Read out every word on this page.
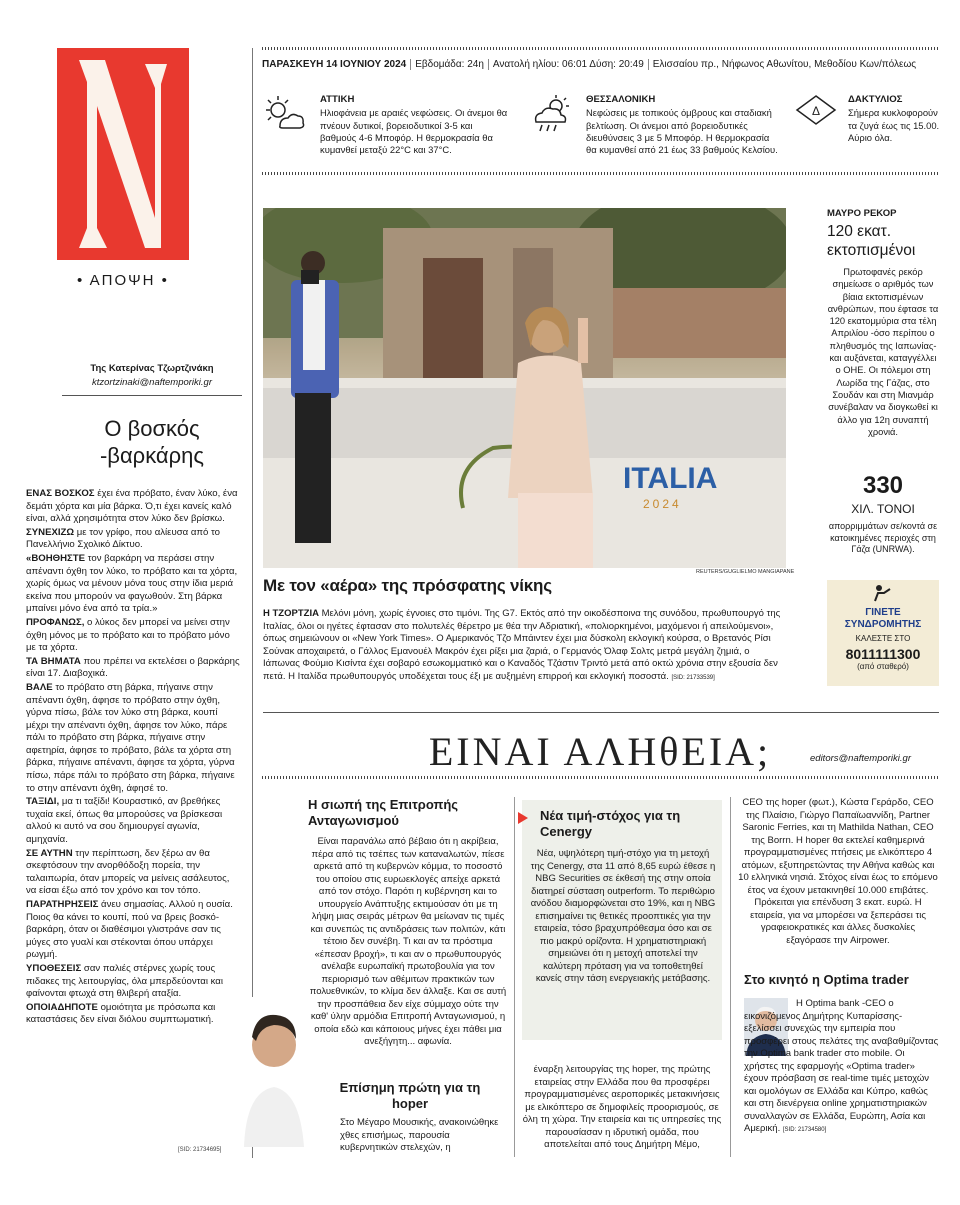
• ΑΠΟΨΗ •
Της Κατερίνας Τζωρτζινάκη
ktzortzinaki@naftemporiki.gr
Ο βοσκός -βαρκάρης

ΕΝΑΣ ΒΟΣΚΟΣ έχει ένα πρόβατο, έναν λύκο, ένα δεμάτι χόρτα και μία βάρκα. Ό,τι έχει κανείς καλό είναι, αλλά χρησιμότητα στον λύκο δεν βρίσκω.

ΣΥΝΕΧΙΖΩ με τον γρίφο, που αλίευσα από το Πανελλήνιο Σχολικό Δίκτυο.

«ΒΟΗΘΗΣΤΕ τον βαρκάρη να περάσει στην απέναντι όχθη τον λύκο, το πρόβατο και τα χόρτα, χωρίς όμως να μένουν μόνα τους στην ίδια μεριά εκείνα που μπορούν να φαγωθούν. Στη βάρκα μπαίνει μόνο ένα από τα τρία.»

ΠΡΟΦΑΝΩΣ, ο λύκος δεν μπορεί να μείνει στην όχθη μόνος με το πρόβατο και το πρόβατο μόνο με τα χόρτα.

ΤΑ ΒΗΜΑΤΑ που πρέπει να εκτελέσει ο βαρκάρης είναι 17. Διαβοχικά.

ΒΑΛΕ το πρόβατο στη βάρκα, πήγαινε στην απέναντι όχθη, άφησε το πρόβατο στην όχθη, γύρνα πίσω, βάλε τον λύκο στη βάρκα, κουπί μέχρι την απέναντι όχθη, άφησε τον λύκο, πάρε πάλι το πρόβατο στη βάρκα, πήγαινε στην αφετηρία, άφησε το πρόβατο, βάλε τα χόρτα στη βάρκα, πήγαινε απέναντι, άφησε τα χόρτα, γύρνα πίσω, πάρε πάλι το πρόβατο στη βάρκα, πήγαινε το στην απέναντι όχθη, άφησέ το.

ΤΑΞΙΔΙ, μα τι ταξίδι! Κουραστικό, αν βρεθήκες τυχαία εκεί, όπως θα μπορούσες να βρίσκεσαι αλλού κι αυτό να σου δημιουργεί αγωνία, αμηχανία.

ΣΕ ΑΥΤΗΝ την περίπτωση, δεν ξέρω αν θα σκεφτόσουν την ανορθόδοξη πορεία, την ταλαιπωρία, όταν μπορείς να μείνεις ασάλευτος, να είσαι έξω από τον χρόνο και τον τόπο.

ΠΑΡΑΤΗΡΗΣΕΙΣ άνευ σημασίας. Αλλού η ουσία. Ποιος θα κάνει το κουπί, πού να βρεις βοσκό-βαρκάρη, όταν οι διαθέσιμοι γλιστράνε σαν τις μύγες στο γυαλί και στέκονται όπου υπάρχει ρωγμή.

ΥΠΟΘΕΣΕΙΣ σαν παλιές στέρνες χωρίς τους πιδακες της λειτουργίας, όλα μπερδεύονται και φαίνονται φτωχά στη θλιβερή αταξία.

ΟΠΟΙΑΔΗΠΟΤΕ ομοιότητα με πρόσωπα και καταστάσεις δεν είναι διόλου συμπτωματική.

[SID: 21734695]
ΠΑΡΑΣΚΕΥΗ 14 ΙΟΥΝΙΟΥ 2024 Εβδομάδα: 24η Ανατολή ηλίου: 06:01 Δύση: 20:49 Ελισσαίου πρ., Νήφωνος Αθωνίτου, Μεθοδίου Κων/πόλεως
ΑΤΤΙΚΗ
Ηλιοφάνεια με αραιές νεφώσεις. Οι άνεμοι θα πνέουν δυτικοί, βορειοδυτικοί 3-5 και βαθμούς 4-6 Μποφόρ. Η θερμοκρασία θα κυμανθεί μεταξύ 22°C και 37°C.
ΘΕΣΣΑΛΟΝΙΚΗ
Νεφώσεις με τοπικούς όμβρους και σταδιακή βελτίωση. Οι άνεμοι από βορειοδυτικές διευθύνσεις 3 με 5 Μποφόρ. Η θερμοκρασία θα κυμανθεί από 21 έως 33 βαθμούς Κελσίου.
Δ
ΔΑΚΤΥΛΙΟΣ
Σήμερα κυκλοφορούν τα ζυγά έως τις 15.00. Αύριο όλα.
ITALIA
2024
REUTERS/GUGLIELMO MANGIAPANE
Με τον «αέρα» της πρόσφατης νίκης
Η ΤΖΟΡΤΖΙΑ Μελόνι μόνη, χωρίς έγνοιες στο τιμόνι. Της G7. Εκτός από την οικοδέσποινα της συνόδου, πρωθυπουργό της Ιταλίας, όλοι οι ηγέτες έφτασαν στο πολυτελές θέρετρο με θέα την Αδριατική, «πολιορκημένοι, μαχόμενοι ή απειλούμενοι», όπως σημειώνουν οι «New York Times». Ο Αμερικανός Τζο Μπάιντεν έχει μια δύσκολη εκλογική κούρσα, ο Βρετανός Ρίσι Σούνακ αποχαιρετά, ο Γάλλος Εμανουέλ Μακρόν έχει ρίξει μια ζαριά, ο Γερμανός Όλαφ Σολτς μετρά μεγάλη ζημιά, ο Ιάπωνας Φούμιο Κισίντα έχει σοβαρό εσωκομματικό και ο Καναδός Τζάστιν Τριντό μετά από οκτώ χρόνια στην εξουσία δεν πετά. Η Ιταλίδα πρωθυπουργός υποδέχεται τους έξι με αυξημένη επιρροή και εκλογική ποσοστά. [SID: 21733539]
ΜΑΥΡΟ ΡΕΚΟΡ
120 εκατ. εκτοπισμένοι
Πρωτοφανές ρεκόρ σημείωσε ο αριθμός των βίαια εκτοπισμένων ανθρώπων, που έφτασε τα 120 εκατομμύρια στα τέλη Απριλίου -όσο περίπου ο πληθυσμός της Ιαπωνίας- και αυξάνεται, καταγγέλλει ο ΟΗΕ. Οι πόλεμοι στη Λωρίδα της Γάζας, στο Σουδάν και στη Μιανμάρ συνέβαλαν να διογκωθεί κι άλλο για 12η συναπτή χρονιά.
330
ΧΙΛ. ΤΟΝΟΙ
απορριμμάτων σε/κοντά σε κατοικημένες περιοχές στη Γάζα (UNRWA).
ΓΙΝΕΤΕ ΣΥΝΔΡΟΜΗΤΗΣ
ΚΑΛΕΣΤΕ ΣΤΟ
8011111300
(από σταθερό)
ΕΙΝΑΙ ΑΛΗθΕΙΑ;	editors@naftemporiki.gr
Η σιωπή της Επιτροπής Ανταγωνισμού
Είναι παρανάλω από βέβαιο ότι η ακρίβεια, πέρα από τις τσέπες των καταναλωτών, πίεσε αρκετά από τη κυβερνών κόμμα, το ποσοστό του οποίου στις ευρωεκλογές απείχε αρκετά από τον στόχο. Παρότι η κυβέρνηση και το υπουργείο Ανάπτυξης εκτιμούσαν ότι με τη λήψη μιας σειράς μέτρων θα μείωναν τις τιμές και συνεπώς τις αντιδράσεις των πολιτών, κάτι τέτοιο δεν συνέβη. Τι και αν τα πρόστιμα «έπεσαν βροχή», τι και αν ο πρωθυπουργός ανέλαβε ευρωπαϊκή πρωτοβουλία για τον περιορισμό των αθέμιτων πρακτικών των πολυεθνικών, το κλίμα δεν άλλαξε. Και σε αυτή την προσπάθεια δεν είχε σύμμαχο ούτε την καθ' ύλην αρμόδια Επιτροπή Ανταγωνισμού, η οποία εδώ και κάποιους μήνες έχει πάθει μια ανεξήγητη... αφωνία.
Επίσημη πρώτη για τη hoper
Στο Μέγαρο Μουσικής, ανακοινώθηκε χθες επισήμως, παρουσία κυβερνητικών στελεχών, η
Νέα τιμή-στόχος για τη Cenergy
Νέα, υψηλότερη τιμή-στόχο για τη μετοχή της Cenergy, στα 11 από 8,65 ευρώ έθεσε η NBG Securities σε έκθεσή της στην οποία διατηρεί σύσταση outperform. Το περιθώριο ανόδου διαμορφώνεται στο 19%, και η NBG επισημαίνει τις θετικές προοπτικές για την εταιρεία, τόσο βραχυπρόθεσμα όσο και σε πιο μακρύ ορίζοντα. Η χρηματιστηριακή σημειώνει ότι η μετοχή αποτελεί την καλύτερη πρόταση για να τοποθετηθεί κανείς στην τάση ενεργειακής μετάβασης.
έναρξη λειτουργίας της hoper, της πρώτης εταιρείας στην Ελλάδα που θα προσφέρει προγραμματισμένες αεροπορικές μετακινήσεις με ελικόπτερο σε δημοφιλείς προορισμούς, σε όλη τη χώρα. Την εταιρεία και τις υπηρεσίες της παρουσίασαν η ιδρυτική ομάδα, που αποτελείται από τους Δημήτρη Μέμο,
CEO της hoper (φωτ.), Κώστα Γεράρδο, CEO της Πλαίσιο, Γιώργο Παπαϊωαννίδη, Partner Saronic Ferries, και τη Mathilda Nathan, CEO της Borrn. Η hoper θα εκτελεί καθημερινά προγραμματισμένες πτήσεις με ελικόπτερο 4 ατόμων, εξυπηρετώντας την Αθήνα καθώς και 10 ελληνικά νησιά. Στόχος είναι έως το επόμενο έτος να έχουν μετακινηθεί 10.000 επιβάτες. Πρόκειται για επένδυση 3 εκατ. ευρώ. Η εταιρεία, για να μπορέσει να ξεπεράσει τις γραφειοκρατικές και άλλες δυσκολίες εξαγόρασε την Airpower.
Στο κινητό η Optima trader
Η Optima bank -CEO ο εικονιζόμενος Δημήτρης Κυπαρίσσης- εξελίσσει συνεχώς την εμπειρία που προσφέρει στους πελάτες της αναβαθμίζοντας την Optima bank trader στο mobile. Οι χρήστες της εφαρμογής «Optima trader» έχουν πρόσβαση σε real-time τιμές μετοχών και ομολόγων σε Ελλάδα και Κύπρο, καθώς και στη διενέργεια online χρηματιστηριακών συναλλαγών σε Ελλάδα, Ευρώπη, Ασία και Αμερική. [SID: 21734580]
